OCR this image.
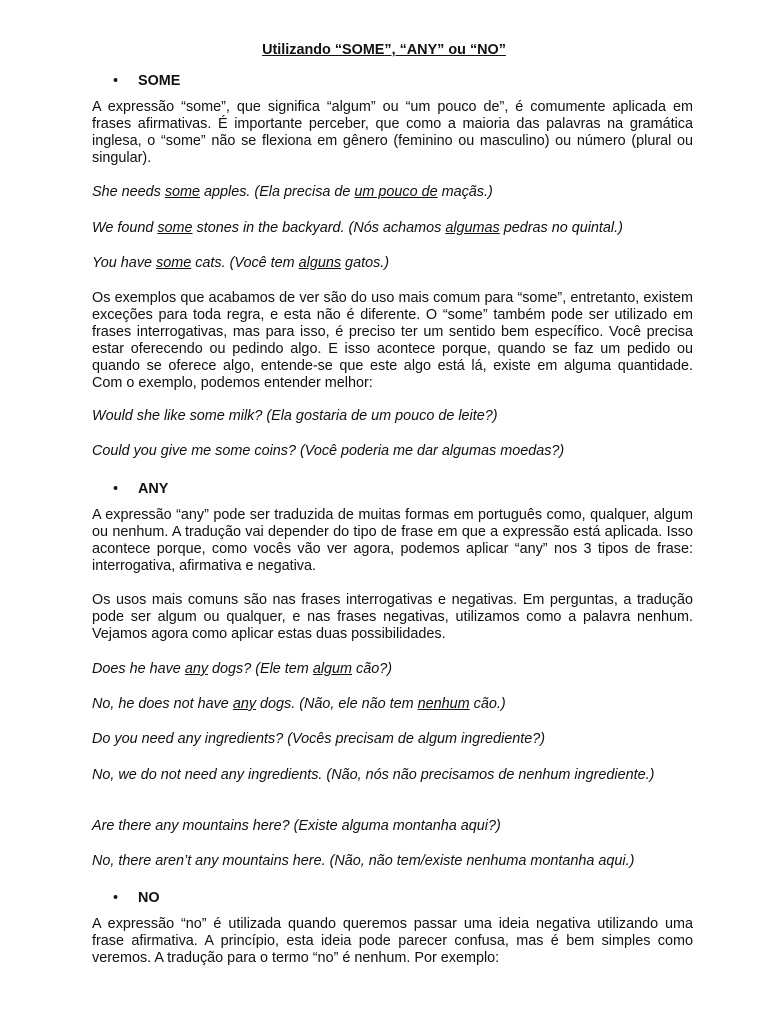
Utilizando “SOME”, “ANY” ou “NO”
• SOME
A expressão “some”, que significa “algum” ou “um pouco de”, é comumente aplicada em frases afirmativas. É importante perceber, que como a maioria das palavras na gramática inglesa, o “some” não se flexiona em gênero (feminino ou masculino) ou número (plural ou singular).
She needs some apples. (Ela precisa de um pouco de maçãs.)
We found some stones in the backyard. (Nós achamos algumas pedras no quintal.)
You have some cats. (Você tem alguns gatos.)
Os exemplos que acabamos de ver são do uso mais comum para “some”, entretanto, existem exceções para toda regra, e esta não é diferente. O “some” também pode ser utilizado em frases interrogativas, mas para isso, é preciso ter um sentido bem específico. Você precisa estar oferecendo ou pedindo algo. E isso acontece porque, quando se faz um pedido ou quando se oferece algo, entende-se que este algo está lá, existe em alguma quantidade. Com o exemplo, podemos entender melhor:
Would she like some milk? (Ela gostaria de um pouco de leite?)
Could you give me some coins? (Você poderia me dar algumas moedas?)
• ANY
A expressão “any” pode ser traduzida de muitas formas em português como, qualquer, algum ou nenhum. A tradução vai depender do tipo de frase em que a expressão está aplicada. Isso acontece porque, como vocês vão ver agora, podemos aplicar “any” nos 3 tipos de frase: interrogativa, afirmativa e negativa.
Os usos mais comuns são nas frases interrogativas e negativas. Em perguntas, a tradução pode ser algum ou qualquer, e nas frases negativas, utilizamos como a palavra nenhum. Vejamos agora como aplicar estas duas possibilidades.
Does he have any dogs? (Ele tem algum cão?)
No, he does not have any dogs. (Não, ele não tem nenhum cão.)
Do you need any ingredients? (Vocês precisam de algum ingrediente?)
No, we do not need any ingredients. (Não, nós não precisamos de nenhum ingrediente.)
Are there any mountains here? (Existe alguma montanha aqui?)
No, there aren’t any mountains here. (Não, não tem/existe nenhuma montanha aqui.)
• NO
A expressão “no” é utilizada quando queremos passar uma ideia negativa utilizando uma frase afirmativa. A princípio, esta ideia pode parecer confusa, mas é bem simples como veremos. A tradução para o termo “no” é nenhum. Por exemplo:
